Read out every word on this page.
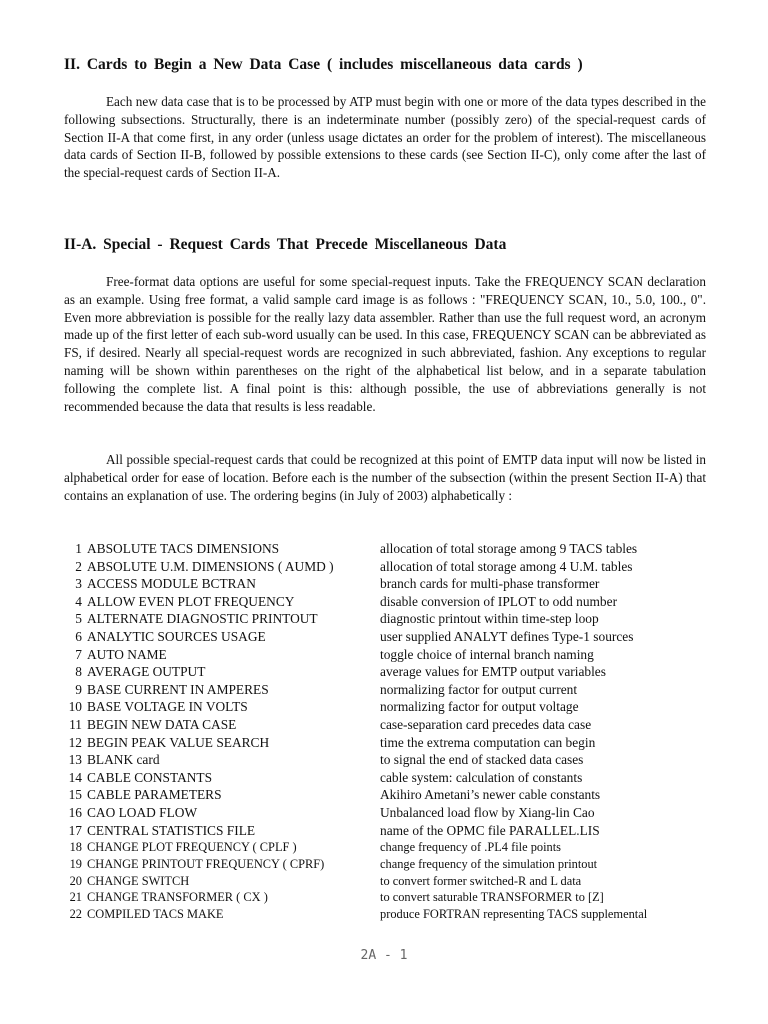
II. Cards to Begin a New Data Case ( includes miscellaneous data cards )

Each new data case that is to be processed by ATP must begin with one or more of the data types described in the following subsections. Structurally, there is an indeterminate number (possibly zero) of the special-request cards of Section II-A that come first, in any order (unless usage dictates an order for the problem of interest). The miscellaneous data cards of Section II-B, followed by possible extensions to these cards (see Section II-C), only come after the last of the special-request cards of Section II-A.

II-A. Special - Request Cards That Precede Miscellaneous Data

Free-format data options are useful for some special-request inputs. Take the FREQUENCY SCAN declaration as an example. Using free format, a valid sample card image is as follows : "FREQUENCY SCAN, 10., 5.0, 100., 0". Even more abbreviation is possible for the really lazy data assembler. Rather than use the full request word, an acronym made up of the first letter of each sub-word usually can be used. In this case, FREQUENCY SCAN can be abbreviated as FS, if desired. Nearly all special-request words are recognized in such abbreviated, fashion. Any exceptions to regular naming will be shown within parentheses on the right of the alphabetical list below, and in a separate tabulation following the complete list. A final point is this: although possible, the use of abbreviations generally is not recommended because the data that results is less readable.

All possible special-request cards that could be recognized at this point of EMTP data input will now be listed in alphabetical order for ease of location. Before each is the number of the subsection (within the present Section II-A) that contains an explanation of use. The ordering begins (in July of 2003) alphabetically :

1 ABSOLUTE TACS DIMENSIONS	allocation of total storage among 9 TACS tables
2 ABSOLUTE U.M. DIMENSIONS ( AUMD )	allocation of total storage among 4 U.M. tables
3 ACCESS MODULE BCTRAN	branch cards for multi-phase transformer
4 ALLOW EVEN PLOT FREQUENCY	disable conversion of IPLOT to odd number
5 ALTERNATE DIAGNOSTIC PRINTOUT	diagnostic printout within time-step loop
6 ANALYTIC SOURCES USAGE	user supplied ANALYT defines Type-1 sources
7 AUTO NAME	toggle choice of internal branch naming
8 AVERAGE OUTPUT	average values for EMTP output variables
9 BASE CURRENT IN AMPERES	normalizing factor for output current
10 BASE VOLTAGE IN VOLTS	normalizing factor for output voltage
11 BEGIN NEW DATA CASE	case-separation card precedes data case
12 BEGIN PEAK VALUE SEARCH	time the extrema computation can begin
13 BLANK card	to signal the end of stacked data cases
14 CABLE CONSTANTS	cable system: calculation of constants
15 CABLE PARAMETERS	Akihiro Ametani’s newer cable constants
16 CAO LOAD FLOW	Unbalanced load flow by Xiang-lin Cao
17 CENTRAL STATISTICS FILE	name of the OPMC file PARALLEL.LIS
18 CHANGE PLOT FREQUENCY ( CPLF )	change frequency of .PL4 file points
19 CHANGE PRINTOUT FREQUENCY ( CPRF)	change frequency of the simulation printout
20 CHANGE SWITCH	to convert former switched-R and L data
21 CHANGE TRANSFORMER ( CX )	to convert saturable TRANSFORMER to [Z]
22 COMPILED TACS MAKE	produce FORTRAN representing TACS supplemental
2A - 1
